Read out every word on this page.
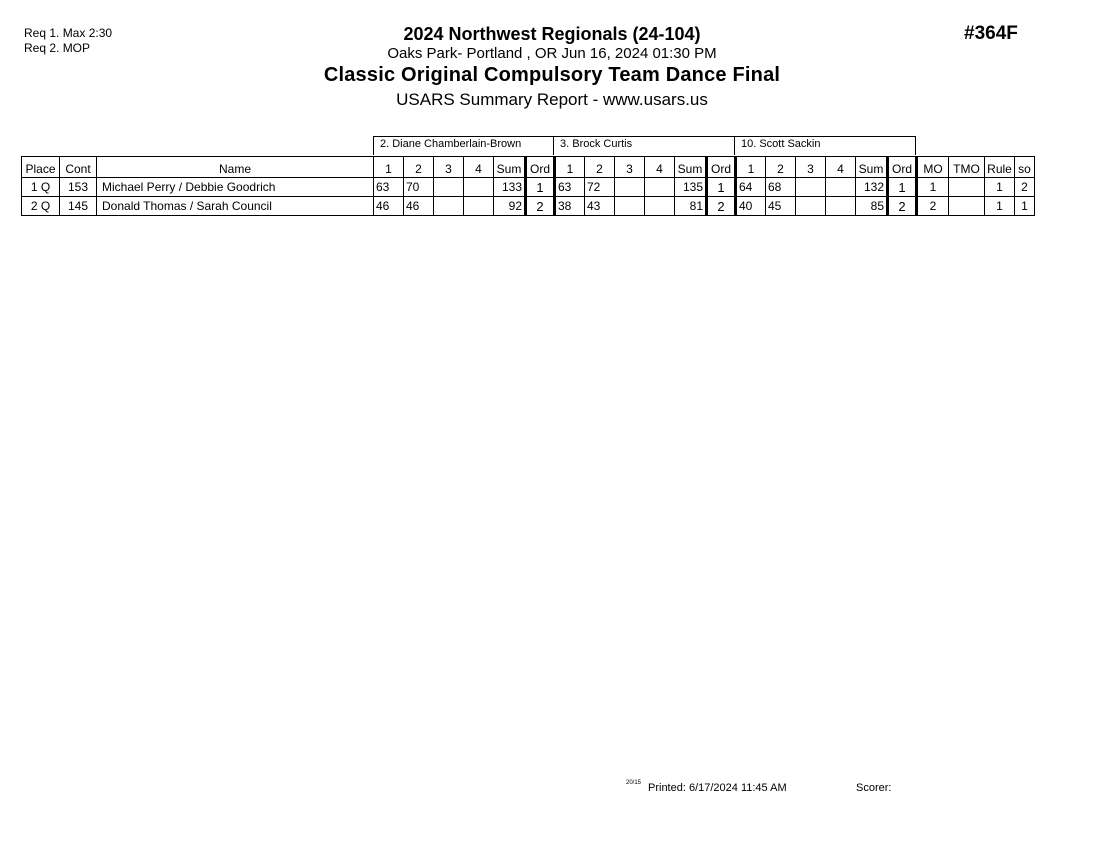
Req 1. Max 2:30
Req 2. MOP
#364F
2024 Northwest Regionals (24-104)
Oaks Park- Portland , OR Jun 16, 2024 01:30 PM
Classic Original Compulsory Team Dance Final
USARS Summary Report - www.usars.us
2. Diane Chamberlain-Brown	3. Brock Curtis	10. Scott Sackin
Place	Cont	Name	1	2	3	4	Sum	Ord	1	2	3	4	Sum	Ord	1	2	3	4	Sum	Ord	MO	TMO	Rule	so
1 Q	153	Michael Perry / Debbie Goodrich	63	70			133	1	63	72			135	1	64	68			132	1	1		1	2
2 Q	145	Donald Thomas / Sarah Council	46	46			92	2	38	43			81	2	40	45			85	2	2		1	1
20/15 Printed: 6/17/2024 11:45 AM	Scorer:
